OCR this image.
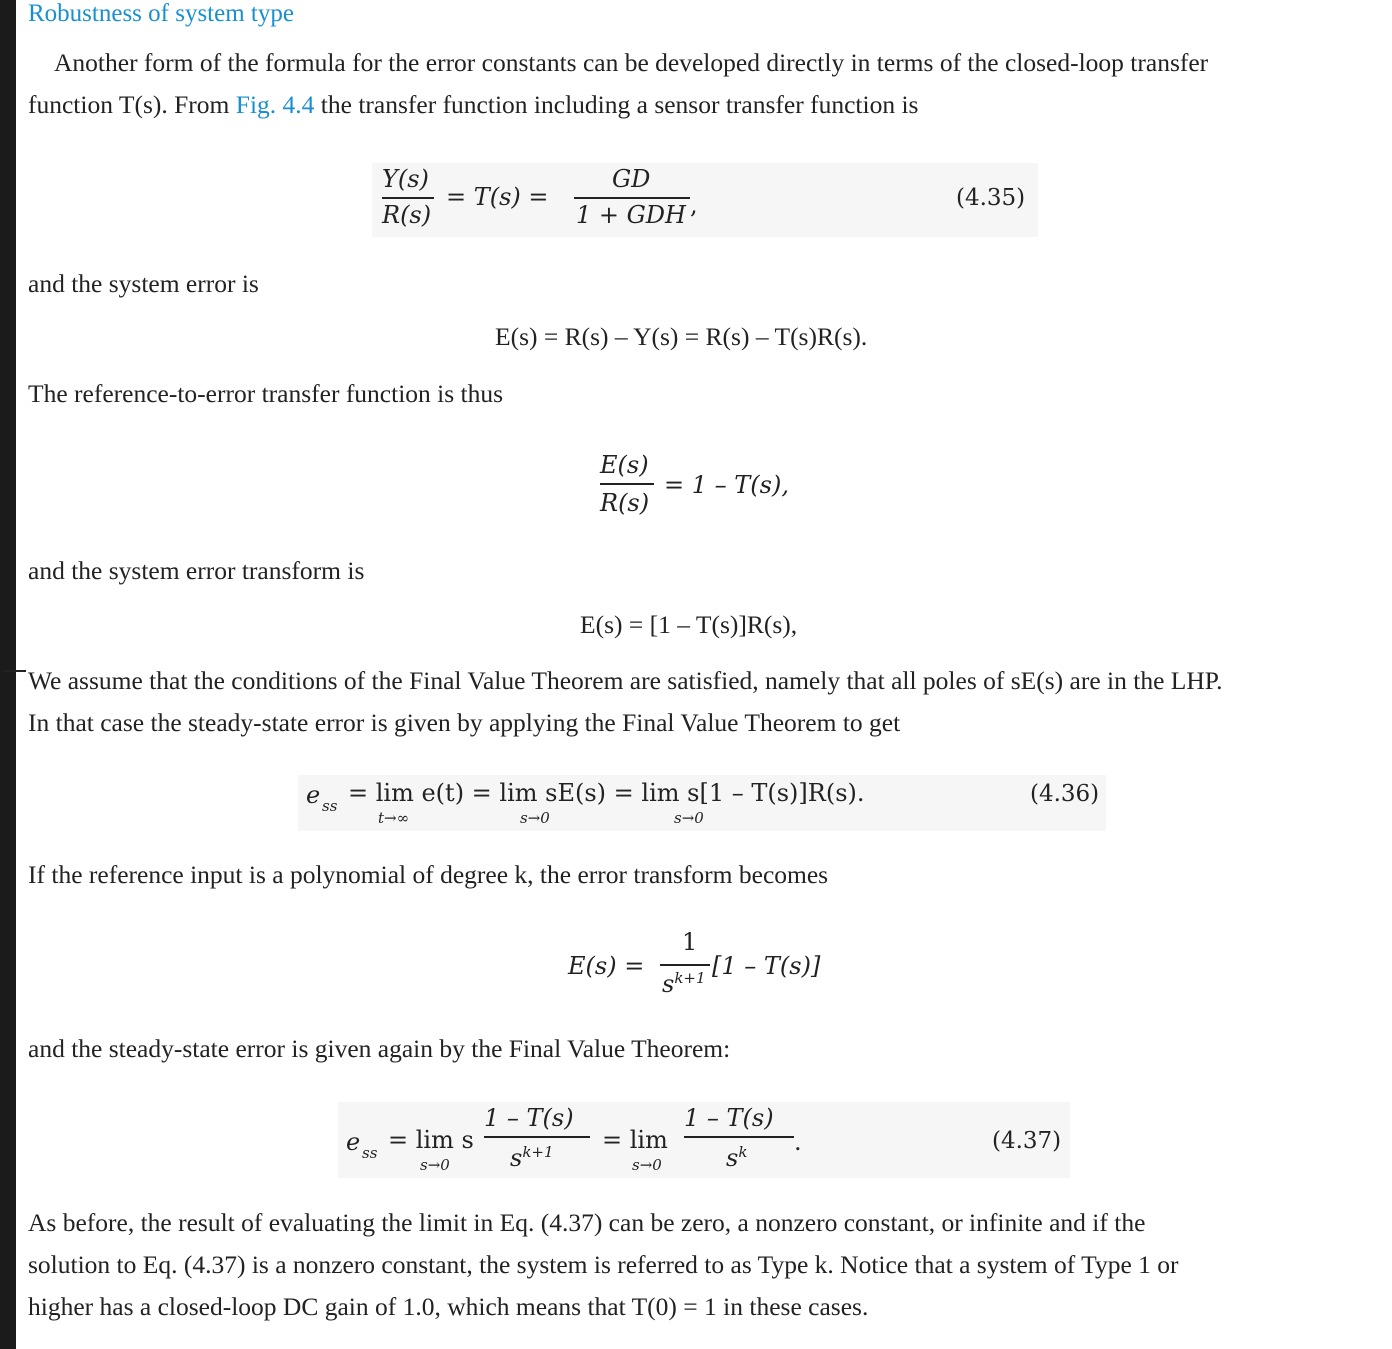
Robustness of system type
Another form of the formula for the error constants can be developed directly in terms of the closed-loop transfer
function T(s). From Fig. 4.4 the transfer function including a sensor transfer function is
Y(s)
R(s)
= T(s) =
GD
1 + GDH ,	(4.35)
and the system error is
E(s) = R(s) – Y(s) = R(s) – T(s)R(s).
The reference-to-error transfer function is thus
E(s)
R(s)
= 1 – T(s),
and the system error transform is
E(s) = [1 – T(s)]R(s),
We assume that the conditions of the Final Value Theorem are satisfied, namely that all poles of sE(s) are in the LHP.
In that case the steady-state error is given by applying the Final Value Theorem to get
e ss = lim e(t) = lim sE(s) = lim s[1 – T(s)]R(s).
t→∞	s→0	s→0
(4.36)
If the reference input is a polynomial of degree k, the error transform becomes
E(s) =
1
$s^{k+1}$ [1 – T(s)]
and the steady-state error is given again by the Final Value Theorem:
e ss = lim s
s→0
1 – T(s)
$s^{k+1} = \lim$
s→0
1 – T(s)
$s^k$ .	(4.37)
As before, the result of evaluating the limit in Eq. (4.37) can be zero, a nonzero constant, or infinite and if the
solution to Eq. (4.37) is a nonzero constant, the system is referred to as Type k. Notice that a system of Type 1 or
higher has a closed-loop DC gain of 1.0, which means that T(0) = 1 in these cases.
